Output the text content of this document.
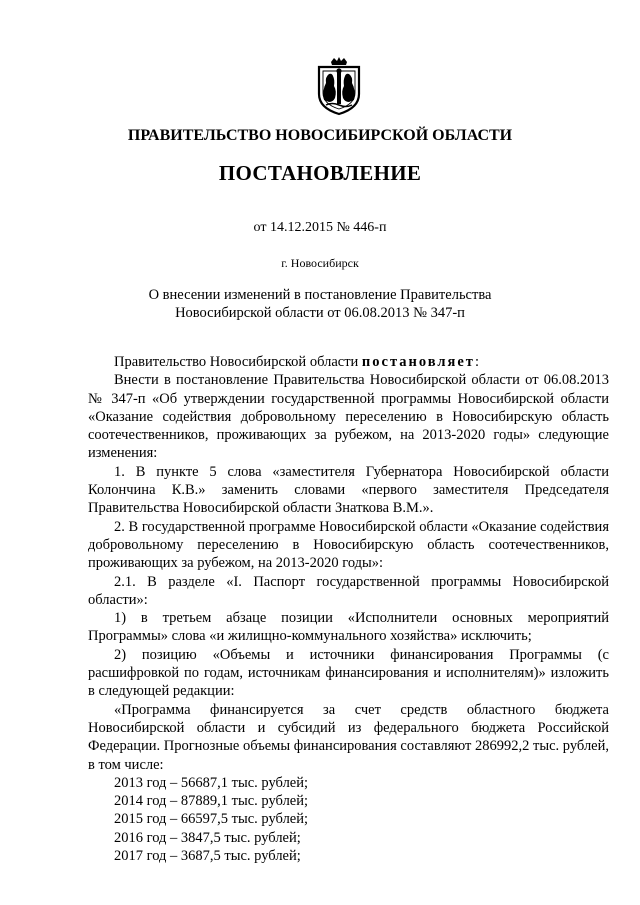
ПРАВИТЕЛЬСТВО НОВОСИБИРСКОЙ ОБЛАСТИ
ПОСТАНОВЛЕНИЕ
от 14.12.2015 № 446-п
г. Новосибирск
О внесении изменений в постановление Правительства
Новосибирской области от 06.08.2013 № 347-п

Правительство Новосибирской области постановляет:

Внести в постановление Правительства Новосибирской области от 06.08.2013 № 347-п «Об утверждении государственной программы Новосибирской области «Оказание содействия добровольному переселению в Новосибирскую область соотечественников, проживающих за рубежом, на 2013-2020 годы» следующие изменения:

1. В пункте 5 слова «заместителя Губернатора Новосибирской области Колончина К.В.» заменить словами «первого заместителя Председателя Правительства Новосибирской области Знаткова В.М.».

2. В государственной программе Новосибирской области «Оказание содействия добровольному переселению в Новосибирскую область соотечественников, проживающих за рубежом, на 2013-2020 годы»:

2.1. В разделе «I. Паспорт государственной программы Новосибирской области»:

1) в третьем абзаце позиции «Исполнители основных мероприятий Программы» слова «и жилищно-коммунального хозяйства» исключить;

2) позицию «Объемы и источники финансирования Программы (с расшифровкой по годам, источникам финансирования и исполнителям)» изложить в следующей редакции:

«Программа финансируется за счет средств областного бюджета Новосибирской области и субсидий из федерального бюджета Российской Федерации. Прогнозные объемы финансирования составляют 286992,2 тыс. рублей, в том числе:

2013 год – 56687,1 тыс. рублей;

2014 год – 87889,1 тыс. рублей;

2015 год – 66597,5 тыс. рублей;

2016 год – 3847,5 тыс. рублей;

2017 год – 3687,5 тыс. рублей;
